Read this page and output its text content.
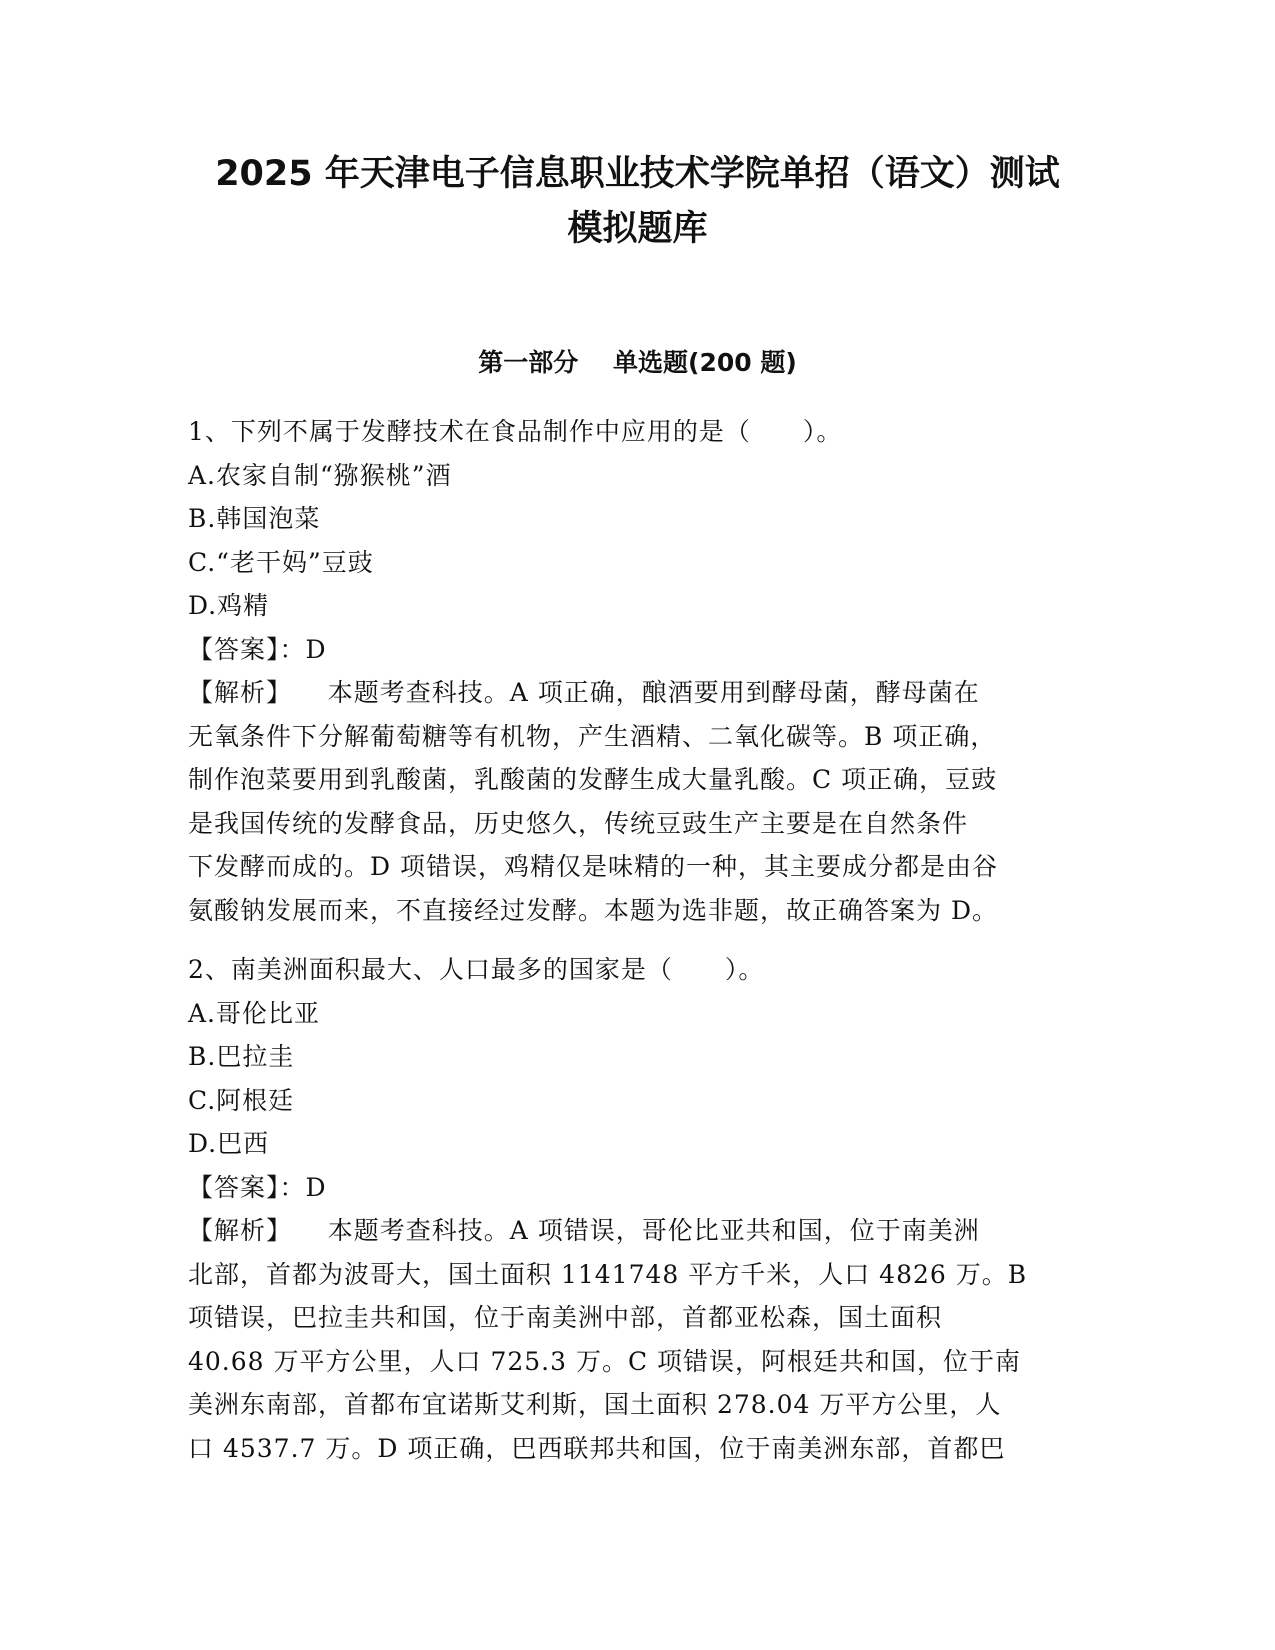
2025 年天津电子信息职业技术学院单招（语文）测试
模拟题库
第一部分    单选题(200 题)
1、下列不属于发酵技术在食品制作中应用的是（　　）。
A.农家自制“猕猴桃”酒
B.韩国泡菜
C.“老干妈”豆豉
D.鸡精
【答案】：D
【解析】    本题考查科技。A 项正确，酿酒要用到酵母菌，酵母菌在
无氧条件下分解葡萄糖等有机物，产生酒精、二氧化碳等。B 项正确，
制作泡菜要用到乳酸菌，乳酸菌的发酵生成大量乳酸。C 项正确，豆豉
是我国传统的发酵食品，历史悠久，传统豆豉生产主要是在自然条件
下发酵而成的。D 项错误，鸡精仅是味精的一种，其主要成分都是由谷
氨酸钠发展而来，不直接经过发酵。本题为选非题，故正确答案为 D。
2、南美洲面积最大、人口最多的国家是（　　）。
A.哥伦比亚
B.巴拉圭
C.阿根廷
D.巴西
【答案】：D
【解析】    本题考查科技。A 项错误，哥伦比亚共和国，位于南美洲
北部，首都为波哥大，国土面积 1141748 平方千米，人口 4826 万。B
项错误，巴拉圭共和国，位于南美洲中部，首都亚松森，国土面积
40.68 万平方公里，人口 725.3 万。C 项错误，阿根廷共和国，位于南
美洲东南部，首都布宜诺斯艾利斯，国土面积 278.04 万平方公里，人
口 4537.7 万。D 项正确，巴西联邦共和国，位于南美洲东部，首都巴
